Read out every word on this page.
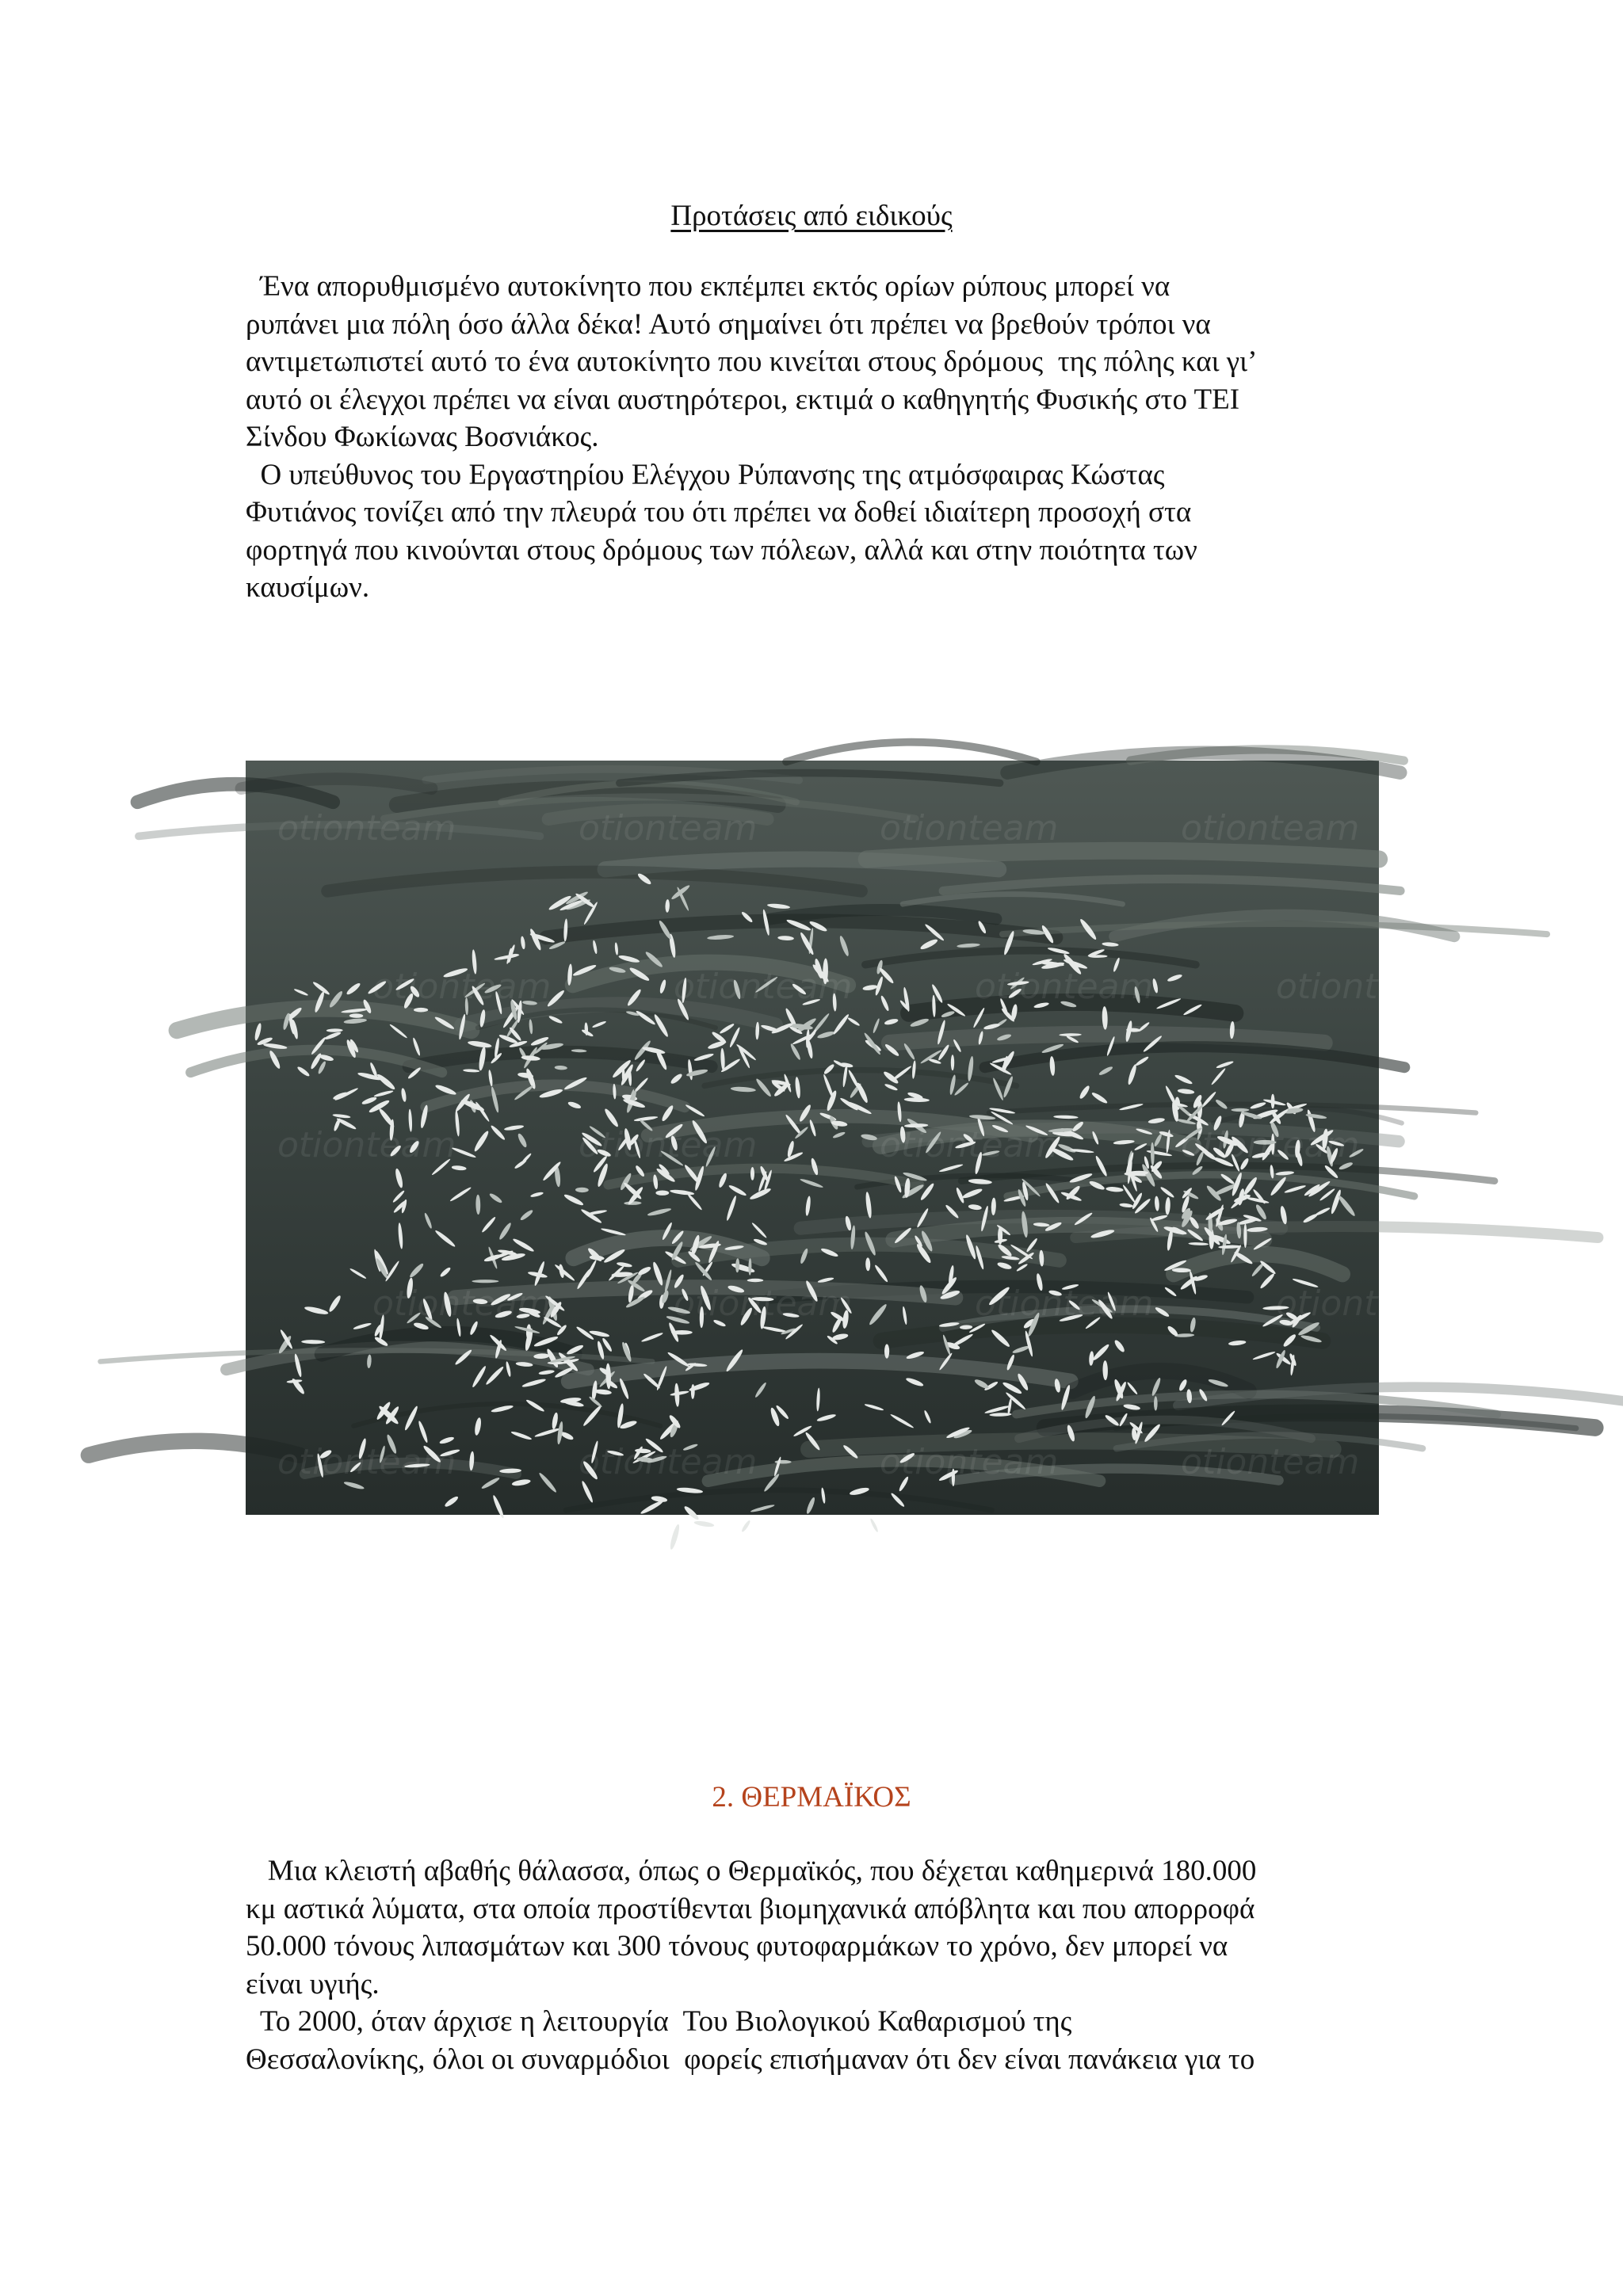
Προτάσεις από ειδικούς
Ένα απορυθμισμένο αυτοκίνητο που εκπέμπει εκτός ορίων ρύπους μπορεί να
ρυπάνει μια πόλη όσο άλλα δέκα! Αυτό σημαίνει ότι πρέπει να βρεθούν τρόποι να
αντιμετωπιστεί αυτό το ένα αυτοκίνητο που κινείται στους δρόμους  της πόλης και γι’
αυτό οι έλεγχοι πρέπει να είναι αυστηρότεροι, εκτιμά ο καθηγητής Φυσικής στο ΤΕΙ
Σίνδου Φωκίωνας Βοσνιάκος.
Ο υπεύθυνος του Εργαστηρίου Ελέγχου Ρύπανσης της ατμόσφαιρας Κώστας
Φυτιάνος τονίζει από την πλευρά του ότι πρέπει να δοθεί ιδιαίτερη προσοχή στα
φορτηγά που κινούνται στους δρόμους των πόλεων, αλλά και στην ποιότητα των
καυσίμων.
otionteam	otionteam	otionteam	otionteam
otionteam	otionteam	otionteam	otionteam
otionteam	otionteam	otionteam	otionteam
otionteam	otionteam	otionteam	otionteam
otionteam	otionteam	otionteam	otionteam
2. ΘΕΡΜΑΪΚΟΣ
Μια κλειστή αβαθής θάλασσα, όπως ο Θερμαϊκός, που δέχεται καθημερινά 180.000
κμ αστικά λύματα, στα οποία προστίθενται βιομηχανικά απόβλητα και που απορροφά
50.000 τόνους λιπασμάτων και 300 τόνους φυτοφαρμάκων το χρόνο, δεν μπορεί να
είναι υγιής.
Το 2000, όταν άρχισε η λειτουργία  Του Βιολογικού Καθαρισμού της
Θεσσαλονίκης, όλοι οι συναρμόδιοι  φορείς επισήμαναν ότι δεν είναι πανάκεια για το
